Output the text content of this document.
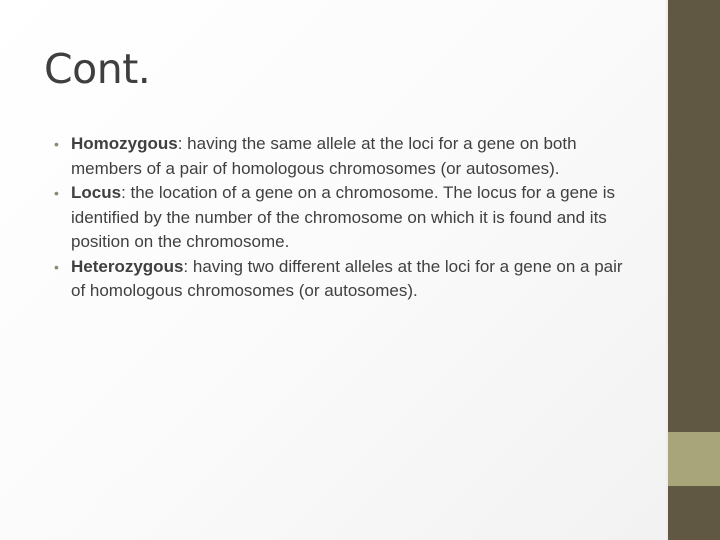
Cont.
• Homozygous: having the same allele at the loci for a gene on both members of a pair of homologous chromosomes (or autosomes).
• Locus: the location of a gene on a chromosome. The locus for a gene is identified by the number of the chromosome on which it is found and its position on the chromosome.
• Heterozygous: having two different alleles at the loci for a gene on a pair of homologous chromosomes (or autosomes).
